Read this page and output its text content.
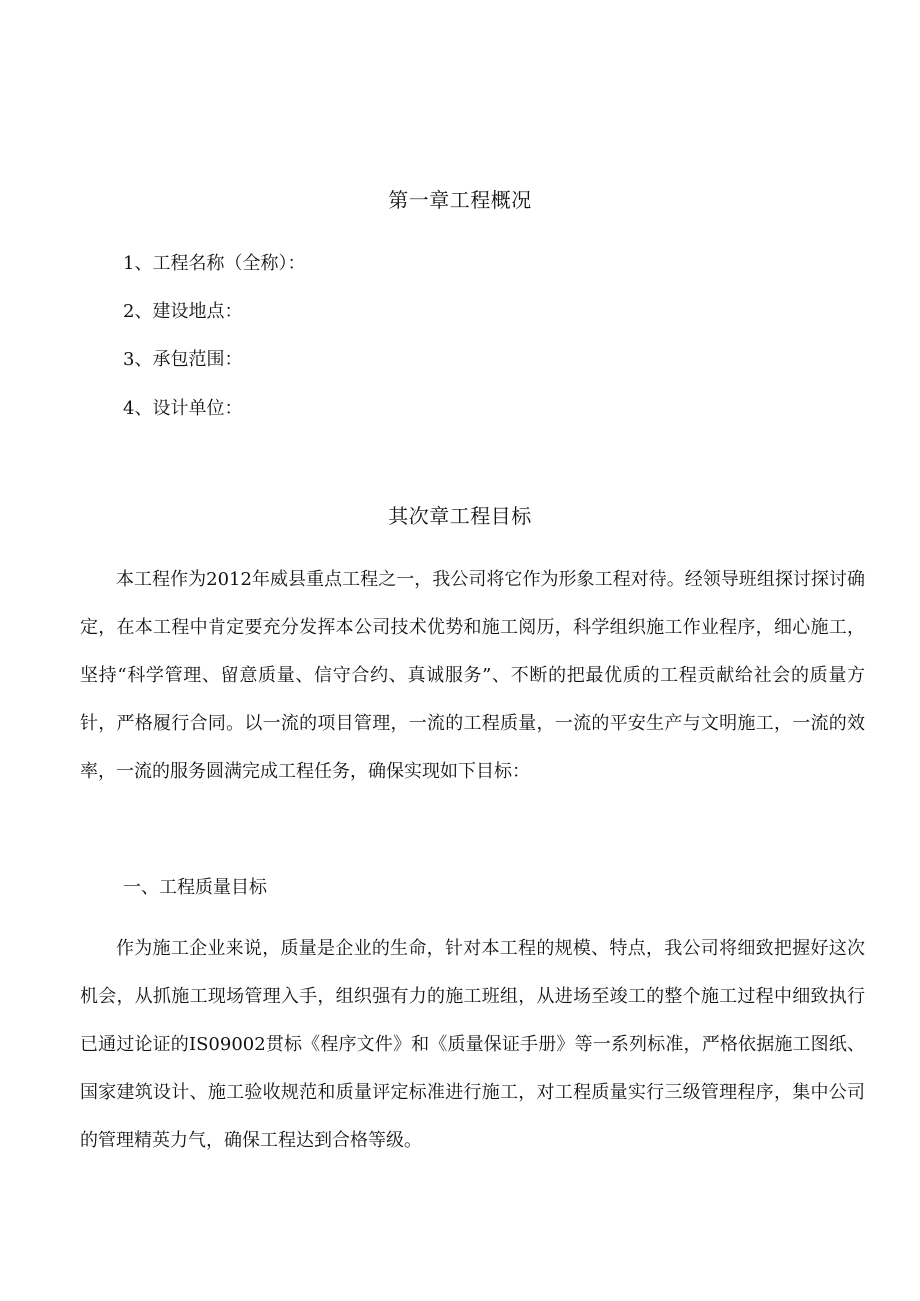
第一章工程概况
1、工程名称（全称）：
2、建设地点：
3、承包范围：
4、设计单位：
其次章工程目标
本工程作为2012年威县重点工程之一，我公司将它作为形象工程对待。经领导班组探讨探讨确定，在本工程中肯定要充分发挥本公司技术优势和施工阅历，科学组织施工作业程序，细心施工，坚持“科学管理、留意质量、信守合约、真诚服务”、不断的把最优质的工程贡献给社会的质量方针，严格履行合同。以一流的项目管理，一流的工程质量，一流的平安生产与文明施工，一流的效率，一流的服务圆满完成工程任务，确保实现如下目标：
一、工程质量目标
作为施工企业来说，质量是企业的生命，针对本工程的规模、特点，我公司将细致把握好这次机会，从抓施工现场管理入手，组织强有力的施工班组，从进场至竣工的整个施工过程中细致执行已通过论证的IS09002贯标《程序文件》和《质量保证手册》等一系列标准，严格依据施工图纸、国家建筑设计、施工验收规范和质量评定标准进行施工，对工程质量实行三级管理程序，集中公司的管理精英力气，确保工程达到合格等级。
